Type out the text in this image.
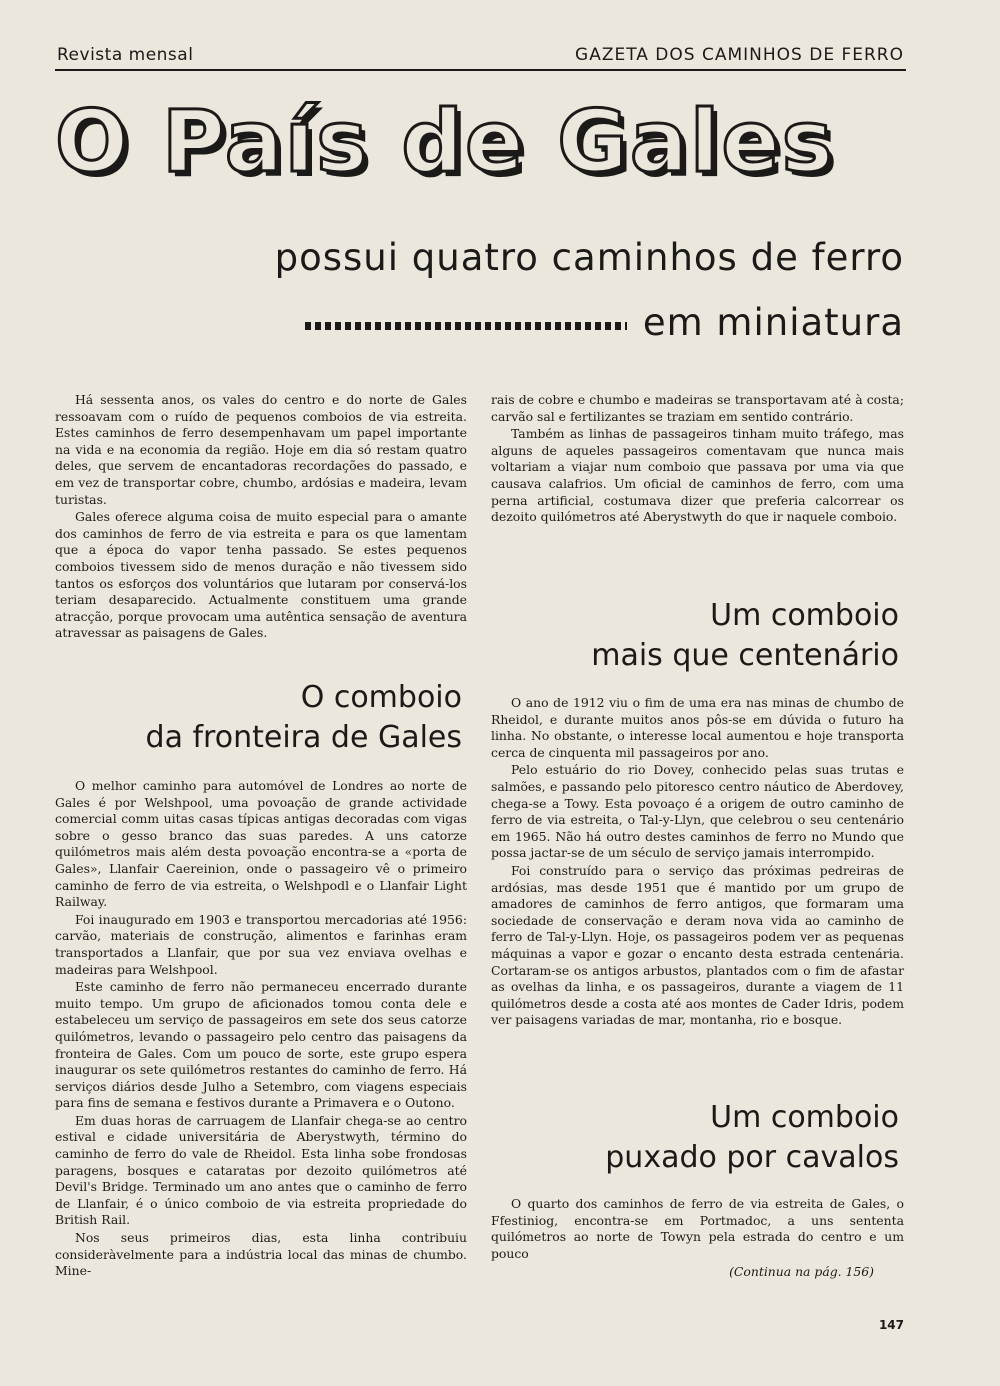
Revista mensal	GAZETA DOS CAMINHOS DE FERRO
O País de Gales
possui quatro caminhos de ferro
em miniatura

Há sessenta anos, os vales do centro e do norte de Gales ressoavam com o ruído de pequenos comboios de via estreita. Estes caminhos de ferro desempenhavam um papel importante na vida e na economia da região. Hoje em dia só restam quatro deles, que servem de encantadoras recordações do passado, e em vez de transportar cobre, chumbo, ardósias e madeira, levam turistas.

Gales oferece alguma coisa de muito especial para o amante dos caminhos de ferro de via estreita e para os que lamentam que a época do vapor tenha passado. Se estes pequenos comboios tivessem sido de menos duração e não tivessem sido tantos os esforços dos voluntários que lutaram por conservá-los teriam desaparecido. Actualmente constituem uma grande atracção, porque provocam uma autêntica sensação de aventura atravessar as paisagens de Gales.

O comboio
da fronteira de Gales

O melhor caminho para automóvel de Londres ao norte de Gales é por Welshpool, uma povoação de grande actividade comercial comm uitas casas típicas antigas decoradas com vigas sobre o gesso branco das suas paredes. A uns catorze quilómetros mais além desta povoação encontra-se a «porta de Gales», Llanfair Caereinion, onde o passageiro vê o primeiro caminho de ferro de via estreita, o Welshpodl e o Llanfair Light Railway.

Foi inaugurado em 1903 e transportou mercadorias até 1956: carvão, materiais de construção, alimentos e farinhas eram transportados a Llanfair, que por sua vez enviava ovelhas e madeiras para Welshpool.

Este caminho de ferro não permaneceu encerrado durante muito tempo. Um grupo de aficionados tomou conta dele e estabeleceu um serviço de passageiros em sete dos seus catorze quilómetros, levando o passageiro pelo centro das paisagens da fronteira de Gales. Com um pouco de sorte, este grupo espera inaugurar os sete quilómetros restantes do caminho de ferro. Há serviços diários desde Julho a Setembro, com viagens especiais para fins de semana e festivos durante a Primavera e o Outono.

Em duas horas de carruagem de Llanfair chega-se ao centro estival e cidade universitária de Aberystwyth, término do caminho de ferro do vale de Rheidol. Esta linha sobe frondosas paragens, bosques e cataratas por dezoito quilómetros até Devil's Bridge. Terminado um ano antes que o caminho de ferro de Llanfair, é o único comboio de via estreita propriedade do British Rail.

Nos seus primeiros dias, esta linha contribuiu consideràvelmente para a indústria local das minas de chumbo. Mine-

rais de cobre e chumbo e madeiras se transportavam até à costa; carvão sal e fertilizantes se traziam em sentido contrário.

Também as linhas de passageiros tinham muito tráfego, mas alguns de aqueles passageiros comentavam que nunca mais voltariam a viajar num comboio que passava por uma via que causava calafrios. Um oficial de caminhos de ferro, com uma perna artificial, costumava dizer que preferia calcorrear os dezoito quilómetros até Aberystwyth do que ir naquele comboio.

Um comboio
mais que centenário

O ano de 1912 viu o fim de uma era nas minas de chumbo de Rheidol, e durante muitos anos pôs-se em dúvida o futuro ha linha. No obstante, o interesse local aumentou e hoje transporta cerca de cinquenta mil passageiros por ano.

Pelo estuário do rio Dovey, conhecido pelas suas trutas e salmões, e passando pelo pitoresco centro náutico de Aberdovey, chega-se a Towy. Esta povoaço é a origem de outro caminho de ferro de via estreita, o Tal-y-Llyn, que celebrou o seu centenário em 1965. Não há outro destes caminhos de ferro no Mundo que possa jactar-se de um século de serviço jamais interrompido.

Foi construído para o serviço das próximas pedreiras de ardósias, mas desde 1951 que é mantido por um grupo de amadores de caminhos de ferro antigos, que formaram uma sociedade de conservação e deram nova vida ao caminho de ferro de Tal-y-Llyn. Hoje, os passageiros podem ver as pequenas máquinas a vapor e gozar o encanto desta estrada centenária. Cortaram-se os antigos arbustos, plantados com o fim de afastar as ovelhas da linha, e os passageiros, durante a viagem de 11 quilómetros desde a costa até aos montes de Cader Idris, podem ver paisagens variadas de mar, montanha, rio e bosque.

Um comboio
puxado por cavalos

O quarto dos caminhos de ferro de via estreita de Gales, o Ffestiniog, encontra-se em Portmadoc, a uns sententa quilómetros ao norte de Towyn pela estrada do centro e um pouco

(Continua na pág. 156)
147
